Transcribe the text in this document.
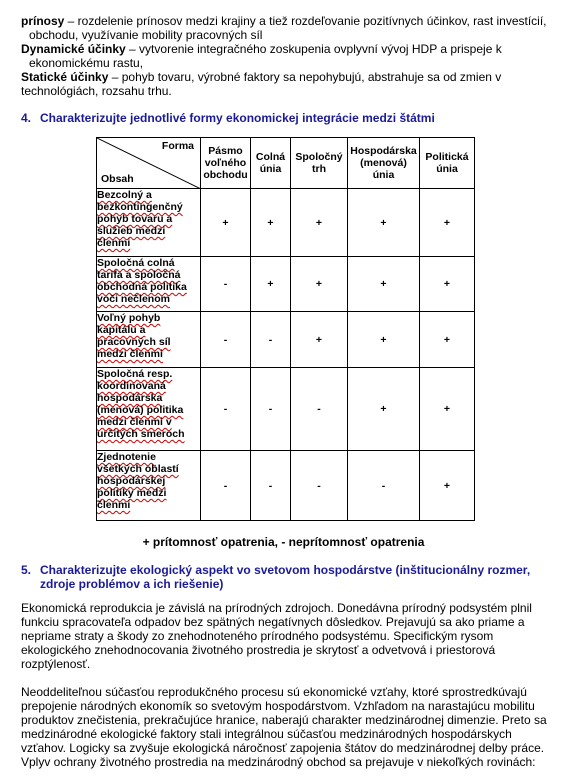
prínosy – rozdelenie prínosov medzi krajiny a tiež rozdeľovanie pozitívnych účinkov, rast investícií,

obchodu, využívanie mobility pracovných síl

Dynamické účinky – vytvorenie integračného zoskupenia ovplyvní vývoj HDP a prispeje k

ekonomickému rastu,

Statické účinky – pohyb tovaru, výrobné faktory sa nepohybujú, abstrahuje sa od zmien v

technológiách, rozsahu trhu.

4. Charakterizujte jednotlivé formy ekonomickej integrácie medzi štátmi
Forma
Obsah	Pásmo voľného obchodu	Colná únia	Spoločný trh	Hospodárska (menová) únia	Politická únia
Bezcolný a bezkontingenčný pohyb tovaru a služieb medzi členmi	+	+	+	+	+
Spoločná colná tarifa a spoločná obchodná politika voči nečlenom	-	+	+	+	+
Voľný pohyb kapitálu a pracovných síl medzi členmi	-	-	+	+	+
Spoločná resp. koordinovaná hospodárska (menová) politika medzi členmi v určitých smeroch	-	-	-	+	+
Zjednotenie všetkých oblastí hospodárskej politiky medzi členmi	-	-	-	-	+
+ prítomnosť opatrenia, - neprítomnosť opatrenia
5. Charakterizujte ekologický aspekt vo svetovom hospodárstve (inštitucionálny rozmer,
zdroje problémov a ich riešenie)

Ekonomická reprodukcia je závislá na prírodných zdrojoch. Donedávna prírodný podsystém plnil funkciu spracovateľa odpadov bez spätných negatívnych dôsledkov. Prejavujú sa ako priame a nepriame straty a škody zo znehodnoteného prírodného podsystému. Specifickým rysom ekologického znehodnocovania životného prostredia je skrytosť a odvetvová i priestorová rozptýlenosť.

Neoddeliteľnou súčasťou reprodukčného procesu sú ekonomické vzťahy, ktoré sprostredkúvajú prepojenie národných ekonomík so svetovým hospodárstvom. Vzhľadom na narastajúcu mobilitu produktov znečistenia, prekračujúce hranice, naberajú charakter medzinárodnej dimenzie. Preto sa medzinárodné ekologické faktory stali integrálnou súčasťou medzinárodných hospodárskych vzťahov. Logicky sa zvyšuje ekologická náročnosť zapojenia štátov do medzinárodnej delby práce. Vplyv ochrany životného prostredia na medzinárodný obchod sa prejavuje v niekoľkých rovinách:
